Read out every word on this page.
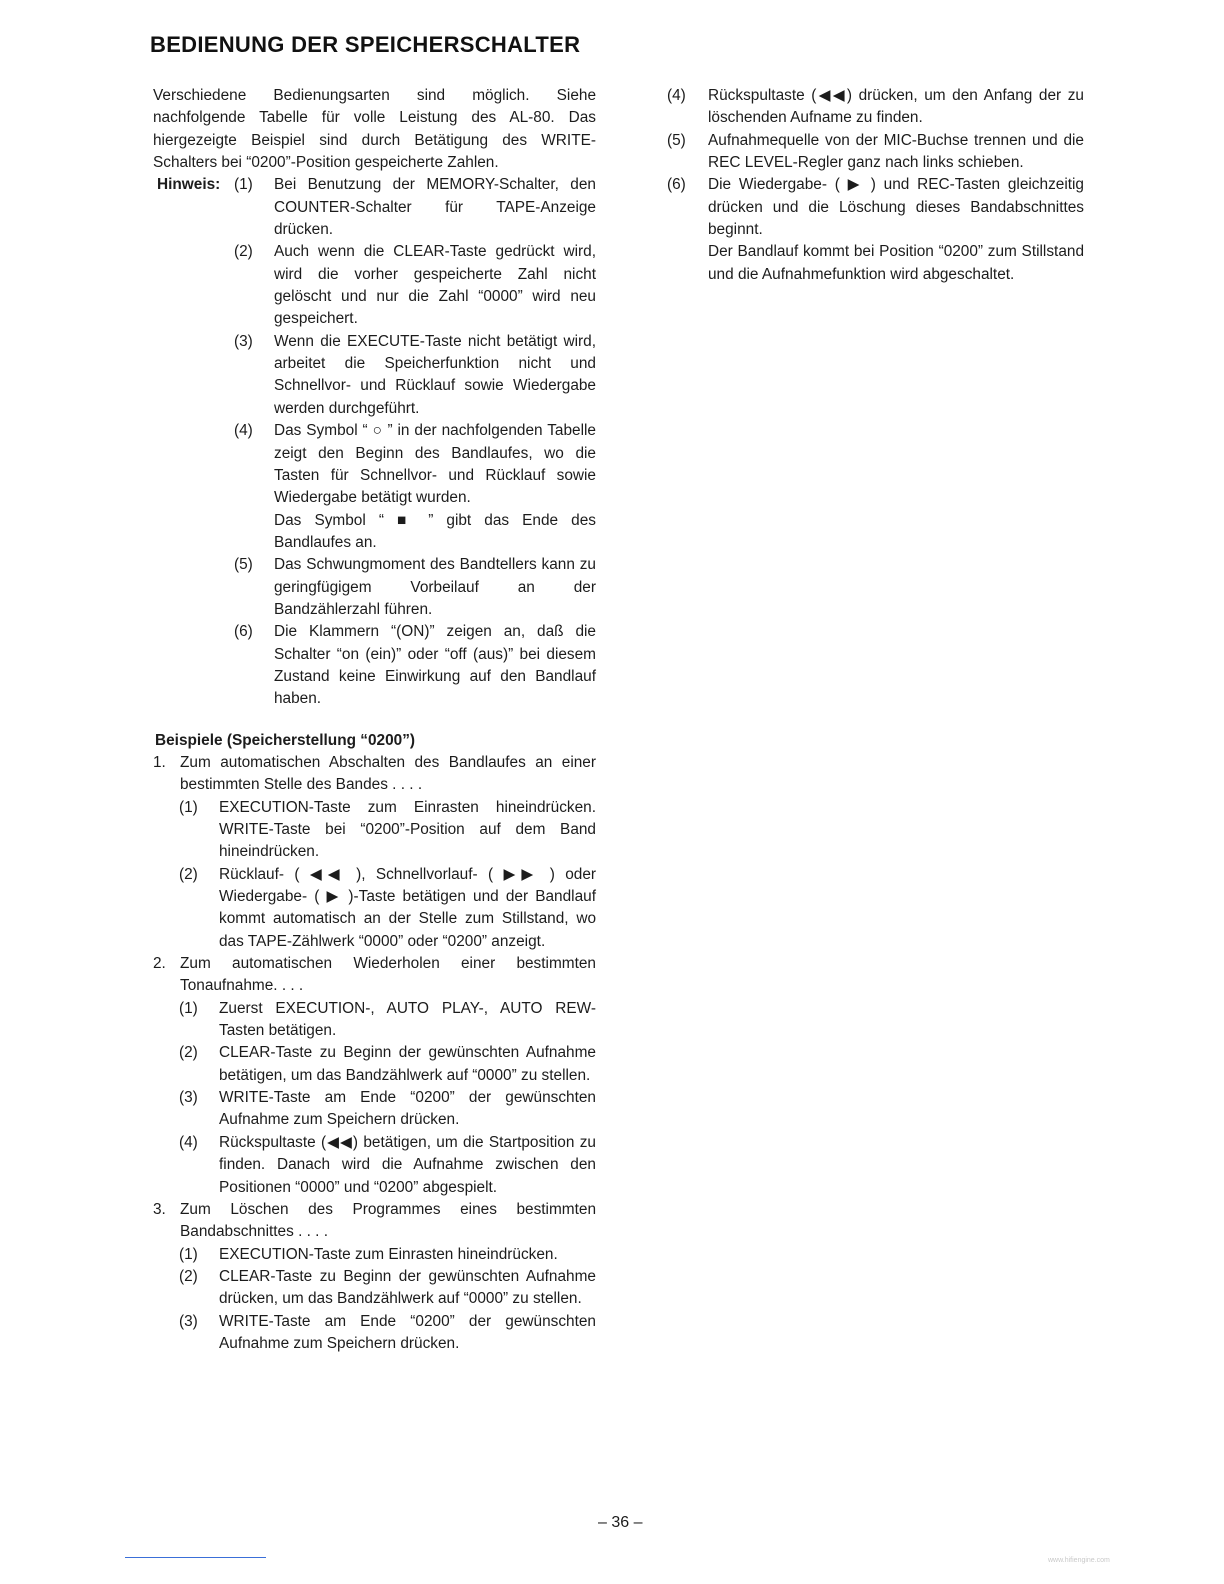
BEDIENUNG DER SPEICHERSCHALTER

Verschiedene Bedienungsarten sind möglich. Siehe nachfolgende Tabelle für volle Leistung des AL-80. Das hiergezeigte Beispiel sind durch Betätigung des WRITE-Schalters bei “0200”-Position gespeicherte Zahlen.

Hinweis: (1) Bei Benutzung der MEMORY-Schalter, den COUNTER-Schalter für TAPE-Anzeige drücken.
(2) Auch wenn die CLEAR-Taste gedrückt wird, wird die vorher gespeicherte Zahl nicht gelöscht und nur die Zahl “0000” wird neu gespeichert.
(3) Wenn die EXECUTE-Taste nicht betätigt wird, arbeitet die Speicherfunktion nicht und Schnellvor- und Rücklauf sowie Wiedergabe werden durchgeführt.
(4) Das Symbol “ ○ ” in der nachfolgenden Tabelle zeigt den Beginn des Bandlaufes, wo die Tasten für Schnellvor- und Rücklauf sowie Wiedergabe betätigt wurden.
Das Symbol “ ■ ” gibt das Ende des Bandlaufes an.
(5) Das Schwungmoment des Bandtellers kann zu geringfügigem Vorbeilauf an der Bandzählerzahl führen.
(6) Die Klammern “(ON)” zeigen an, daß die Schalter “on (ein)” oder “off (aus)” bei diesem Zustand keine Einwirkung auf den Bandlauf haben.
Beispiele (Speicherstellung “0200”)
1. Zum automatischen Abschalten des Bandlaufes an einer bestimmten Stelle des Bandes . . . .
(1) EXECUTION-Taste zum Einrasten hineindrücken. WRITE-Taste bei “0200”-Position auf dem Band hineindrücken.
(2) Rücklauf- ( ◀◀ ), Schnellvorlauf- ( ▶▶ ) oder Wiedergabe- ( ▶ )-Taste betätigen und der Bandlauf kommt automatisch an der Stelle zum Stillstand, wo das TAPE-Zählwerk “0000” oder “0200” anzeigt.
2. Zum automatischen Wiederholen einer bestimmten Tonaufnahme. . . .
(1) Zuerst EXECUTION-, AUTO PLAY-, AUTO REW-Tasten betätigen.
(2) CLEAR-Taste zu Beginn der gewünschten Aufnahme betätigen, um das Bandzählwerk auf “0000” zu stellen.
(3) WRITE-Taste am Ende “0200” der gewünschten Aufnahme zum Speichern drücken.
(4) Rückspultaste (◀◀) betätigen, um die Startposition zu finden. Danach wird die Aufnahme zwischen den Positionen “0000” und “0200” abgespielt.
3. Zum Löschen des Programmes eines bestimmten Bandabschnittes . . . .
(1) EXECUTION-Taste zum Einrasten hineindrücken.
(2) CLEAR-Taste zu Beginn der gewünschten Aufnahme drücken, um das Bandzählwerk auf “0000” zu stellen.
(3) WRITE-Taste am Ende “0200” der gewünschten Aufnahme zum Speichern drücken.
(4) Rückspultaste (◀◀) drücken, um den Anfang der zu löschenden Aufname zu finden.
(5) Aufnahmequelle von der MIC-Buchse trennen und die REC LEVEL-Regler ganz nach links schieben.
(6) Die Wiedergabe- ( ▶ ) und REC-Tasten gleichzeitig drücken und die Löschung dieses Bandabschnittes beginnt.
Der Bandlauf kommt bei Position “0200” zum Stillstand und die Aufnahmefunktion wird abgeschaltet.
– 36 –
www.hifiengine.com
